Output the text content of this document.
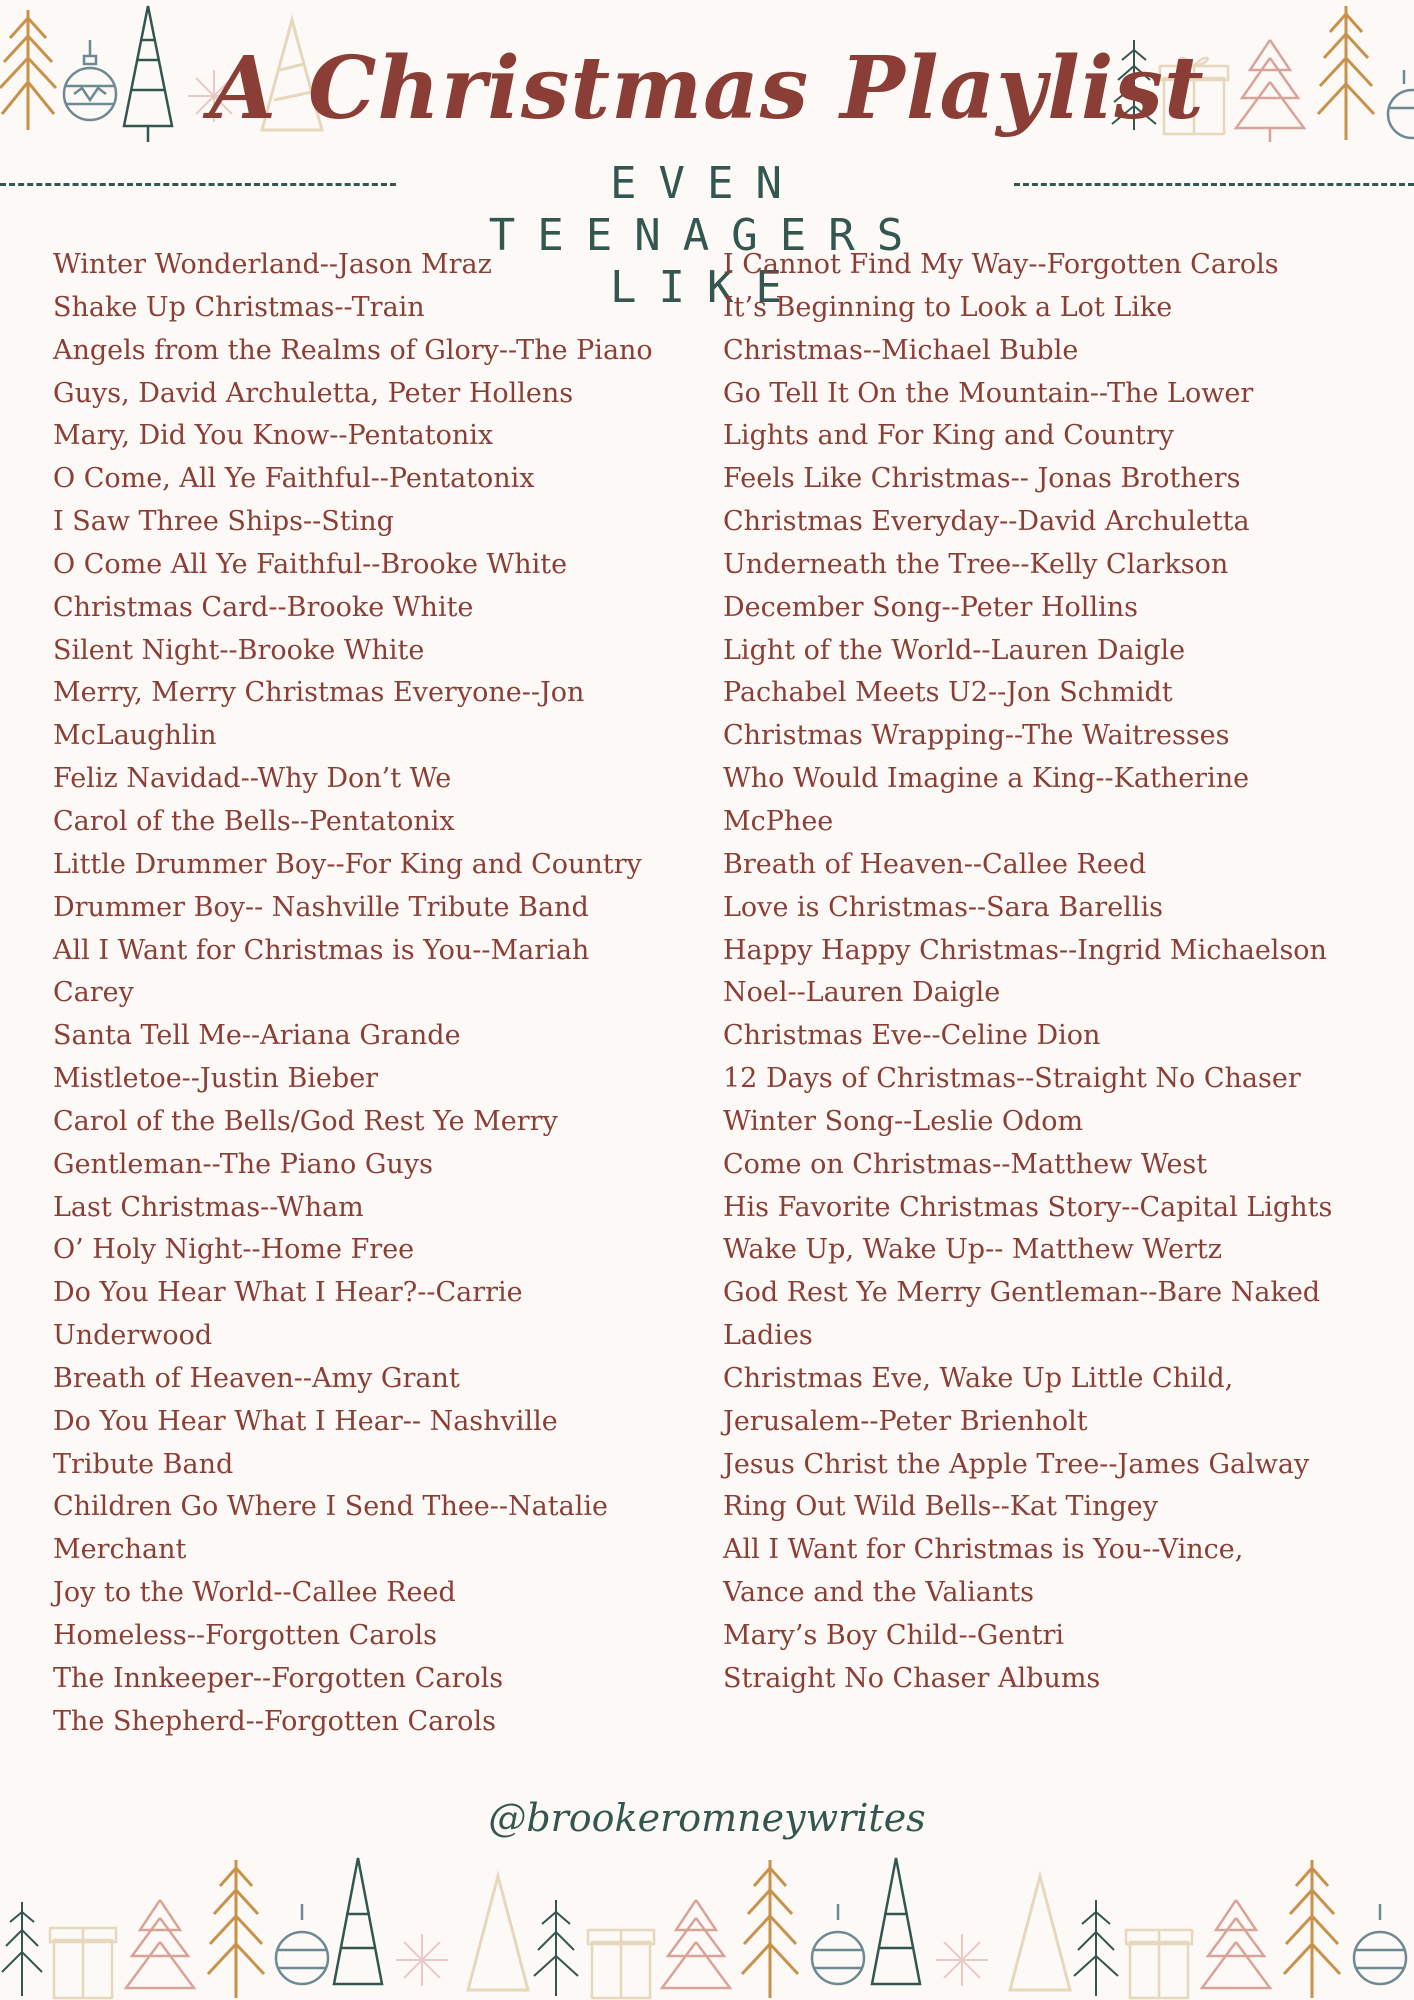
A Christmas Playlist
EVEN TEENAGERS LIKE
Winter Wonderland--Jason Mraz
Shake Up Christmas--Train
Angels from the Realms of Glory--The Piano
Guys, David Archuletta, Peter Hollens
Mary, Did You Know--Pentatonix
O Come, All Ye Faithful--Pentatonix
I Saw Three Ships--Sting
O Come All Ye Faithful--Brooke White
Christmas Card--Brooke White
Silent Night--Brooke White
Merry, Merry Christmas Everyone--Jon
McLaughlin
Feliz Navidad--Why Don’t We
Carol of the Bells--Pentatonix
Little Drummer Boy--For King and Country
Drummer Boy-- Nashville Tribute Band
All I Want for Christmas is You--Mariah
Carey
Santa Tell Me--Ariana Grande
Mistletoe--Justin Bieber
Carol of the Bells/God Rest Ye Merry
Gentleman--The Piano Guys
Last Christmas--Wham
O’ Holy Night--Home Free
Do You Hear What I Hear?--Carrie
Underwood
Breath of Heaven--Amy Grant
Do You Hear What I Hear-- Nashville
Tribute Band
Children Go Where I Send Thee--Natalie
Merchant
Joy to the World--Callee Reed
Homeless--Forgotten Carols
The Innkeeper--Forgotten Carols
The Shepherd--Forgotten Carols
I Cannot Find My Way--Forgotten Carols
It’s Beginning to Look a Lot Like
Christmas--Michael Buble
Go Tell It On the Mountain--The Lower
Lights and For King and Country
Feels Like Christmas-- Jonas Brothers
Christmas Everyday--David Archuletta
Underneath the Tree--Kelly Clarkson
December Song--Peter Hollins
Light of the World--Lauren Daigle
Pachabel Meets U2--Jon Schmidt
Christmas Wrapping--The Waitresses
Who Would Imagine a King--Katherine
McPhee
Breath of Heaven--Callee Reed
Love is Christmas--Sara Barellis
Happy Happy Christmas--Ingrid Michaelson
Noel--Lauren Daigle
Christmas Eve--Celine Dion
12 Days of Christmas--Straight No Chaser
Winter Song--Leslie Odom
Come on Christmas--Matthew West
His Favorite Christmas Story--Capital Lights
Wake Up, Wake Up-- Matthew Wertz
God Rest Ye Merry Gentleman--Bare Naked
Ladies
Christmas Eve, Wake Up Little Child,
Jerusalem--Peter Brienholt
Jesus Christ the Apple Tree--James Galway
Ring Out Wild Bells--Kat Tingey
All I Want for Christmas is You--Vince,
Vance and the Valiants
Mary’s Boy Child--Gentri
Straight No Chaser Albums
@brookeromneywrites
